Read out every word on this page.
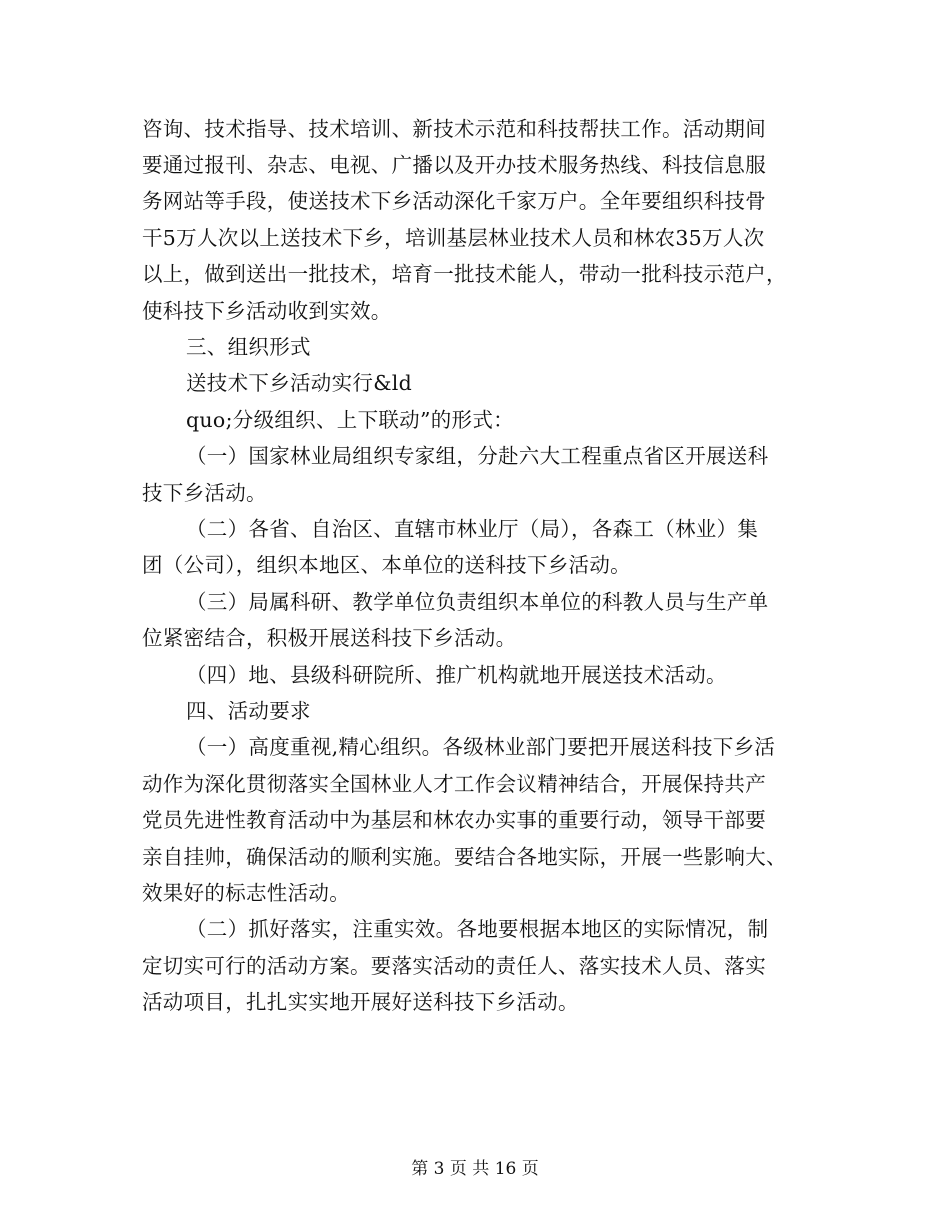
咨询、技术指导、技术培训、新技术示范和科技帮扶工作。活动期间
要通过报刊、杂志、电视、广播以及开办技术服务热线、科技信息服
务网站等手段，使送技术下乡活动深化千家万户。全年要组织科技骨
干5万人次以上送技术下乡，培训基层林业技术人员和林农35万人次
以上，做到送出一批技术，培育一批技术能人，带动一批科技示范户，
使科技下乡活动收到实效。
三、组织形式
送技术下乡活动实行&ld
quo;分级组织、上下联动”的形式：
（一）国家林业局组织专家组，分赴六大工程重点省区开展送科
技下乡活动。
（二）各省、自治区、直辖市林业厅（局），各森工（林业）集
团（公司），组织本地区、本单位的送科技下乡活动。
（三）局属科研、教学单位负责组织本单位的科教人员与生产单
位紧密结合，积极开展送科技下乡活动。
（四）地、县级科研院所、推广机构就地开展送技术活动。
四、活动要求
（一）高度重视,精心组织。各级林业部门要把开展送科技下乡活
动作为深化贯彻落实全国林业人才工作会议精神结合，开展保持共产
党员先进性教育活动中为基层和林农办实事的重要行动，领导干部要
亲自挂帅，确保活动的顺利实施。要结合各地实际，开展一些影响大、
效果好的标志性活动。
（二）抓好落实，注重实效。各地要根据本地区的实际情况，制
定切实可行的活动方案。要落实活动的责任人、落实技术人员、落实
活动项目，扎扎实实地开展好送科技下乡活动。
第 3 页 共 16 页
